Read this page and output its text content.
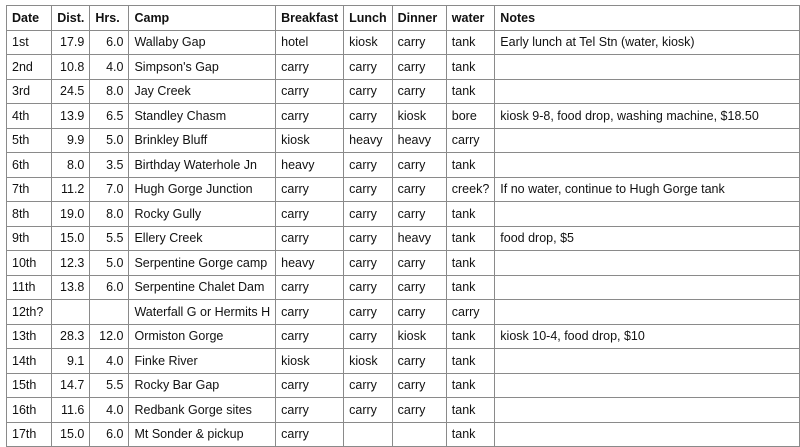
Date	Dist.	Hrs.	Camp	Breakfast	Lunch	Dinner	water	Notes
1st	17.9	6.0	Wallaby Gap	hotel	kiosk	carry	tank	Early lunch at Tel Stn (water, kiosk)
2nd	10.8	4.0	Simpson's Gap	carry	carry	carry	tank	
3rd	24.5	8.0	Jay Creek	carry	carry	carry	tank	
4th	13.9	6.5	Standley Chasm	carry	carry	kiosk	bore	kiosk 9-8, food drop, washing machine, $18.50
5th	9.9	5.0	Brinkley Bluff	kiosk	heavy	heavy	carry	
6th	8.0	3.5	Birthday Waterhole Jn	heavy	carry	carry	tank	
7th	11.2	7.0	Hugh Gorge Junction	carry	carry	carry	creek?	If no water, continue to Hugh Gorge tank
8th	19.0	8.0	Rocky Gully	carry	carry	carry	tank	
9th	15.0	5.5	Ellery Creek	carry	carry	heavy	tank	food drop, $5
10th	12.3	5.0	Serpentine Gorge camp	heavy	carry	carry	tank	
11th	13.8	6.0	Serpentine Chalet Dam	carry	carry	carry	tank	
12th?			Waterfall G or Hermits H	carry	carry	carry	carry	
13th	28.3	12.0	Ormiston Gorge	carry	carry	kiosk	tank	kiosk 10-4, food drop, $10
14th	9.1	4.0	Finke River	kiosk	kiosk	carry	tank	
15th	14.7	5.5	Rocky Bar Gap	carry	carry	carry	tank	
16th	11.6	4.0	Redbank Gorge sites	carry	carry	carry	tank	
17th	15.0	6.0	Mt Sonder & pickup	carry			tank	
